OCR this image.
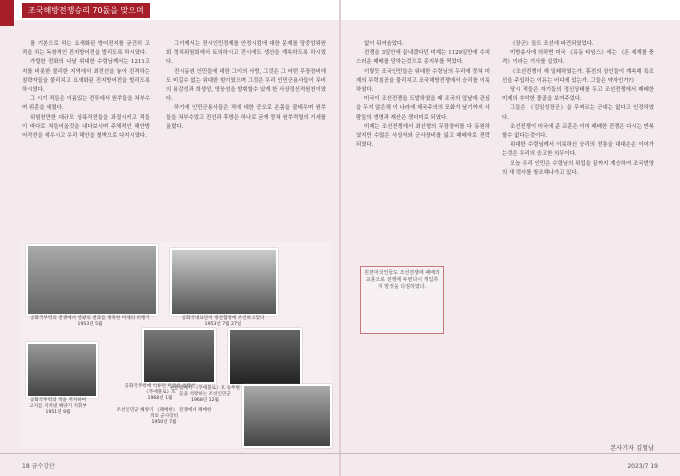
조국해방전쟁승리 70돐을 맞으며

를 기본으로 하는 요새화된 방어전지를 굳건히 고 적을 치는 독창적인 진지방어전을 벌리도록 하시였다.

가렬한 전화의 나날 위대한 수령님께서는 1211고지를 비롯한 불리한 지역에서 최전선을 놓아 진격하는 침략자들을 물리치고 요새화된 진지방어전을 벌리도록 하시였다.

그 시기 적들은 이름있는 전투에서 원쑤들을 쳐부수며 위훈을 세웠다.

위험천만한 대규모 상륙작전들을 좌절시키고 적들이 바다로 쳐들어올것을 내다보시며 주체적인 해안방어작전을 세우시고 우리 해안을 철벽으로 다지시였다.

그이께서는 전시인민경제를 안정시킴에 대한 문제를 당중앙위원회 정치위원회에서 토의하시고 전시에도 생산을 계속하도록 하시였다.

전시동원 인민들에 대한 그이의 사랑, 그것은 그 어떤 무장장비에도 비길수 없는 위대한 힘이였으며 그것은 우리 인민군용사들이 무비의 용감성과 희생성, 영웅성을 발휘할수 있게 한 사상정신적원천이였다.

하기에 인민군용사들은 적에 대한 증오로 온몸을 불태우며 원쑤들을 쳐부수었고 전선과 후방은 하나로 굳게 뭉쳐 원쑤격멸의 기세를 올렸다.

없이 뒤여숨었다.

전쟁을 3일안에 끝내겠다던 미제는 1129일만에 수치스러운 패배를 당하는것으로 종지부를 찍었다.

이렇듯 조국인민들은 위대한 수령님의 두리에 뭉쳐 미제의 무력침공을 물리치고 조국해방전쟁에서 승리를 이룩하였다.

미국이 조선전쟁을 도발하였을 때 조국의 앞날에 관심을 두지 않은채 이 나라에 제국주의의 포화가 날기까지 사람들의 생명과 재산은 잿더미로 되였다.

미제는 조선전쟁에서 최신형의 무장장비를 다 동원하였지만 수많은 사상자와 군사장비를 잃고 패배자로 전락되였다.

《장군》들도 조선에 파견되였었다.

미방송사에 의하면 미국 《유동 타임스》에는 《온 세계를 충격》이라는 기사를 실었다.

《조선전쟁이 재 일쇄하였는가. 휴전의 상인들이 계속해 특조선을 주입하는 이유는 어디에 있는가. 그들은 약자인가?》

당시 적들은 자기들의 정신상태를 두고 조선전쟁에서 패배한 미제의 추악한 몰골을 보여주었다.

그들은 《김일성장군》을 무찌르는 군대는 없다고 인정하였다.

조선전쟁이 미국에 준 교훈은 이미 패배한 전쟁은 다시는 반복할수 없다는것이다.

위대한 수령님께서 이룩하신 승리의 전통을 대대손손 이어가는것은 우리의 숭고한 의무이다.

오늘 우리 인민은 수령님의 위업을 끝까지 계승하여 조국번영의 새 력사를 창조해나가고 있다.

공화국무력의 전쟁에서 영광의 전과를 쟁취한 미제의 비행기
1953년 5월
공화국대표단이 정전협정에 조인하고있다
1953년 7월 27일
공화국무력의 적을 저지하여 고지를 지켜낸 해양기 지휘부
1951년 9월	조선인민군 해양기 《패배한》 전쟁에서 패배한 적의 군사장비
1950년 7월
공화국무력에 억류된 미국의 침략선
《푸에블로》호
1968년 1월
판문점에서 《푸에블로》호 승무원들을 석방하는 조선인민군
1968년 12월
원천미국인들도 조선전쟁에 패배의 교훈으로 전쟁에 두번다시 개입하지 말것을 다짐하였다.
본사기자 김철남
18 금수강산	2023/7 19
